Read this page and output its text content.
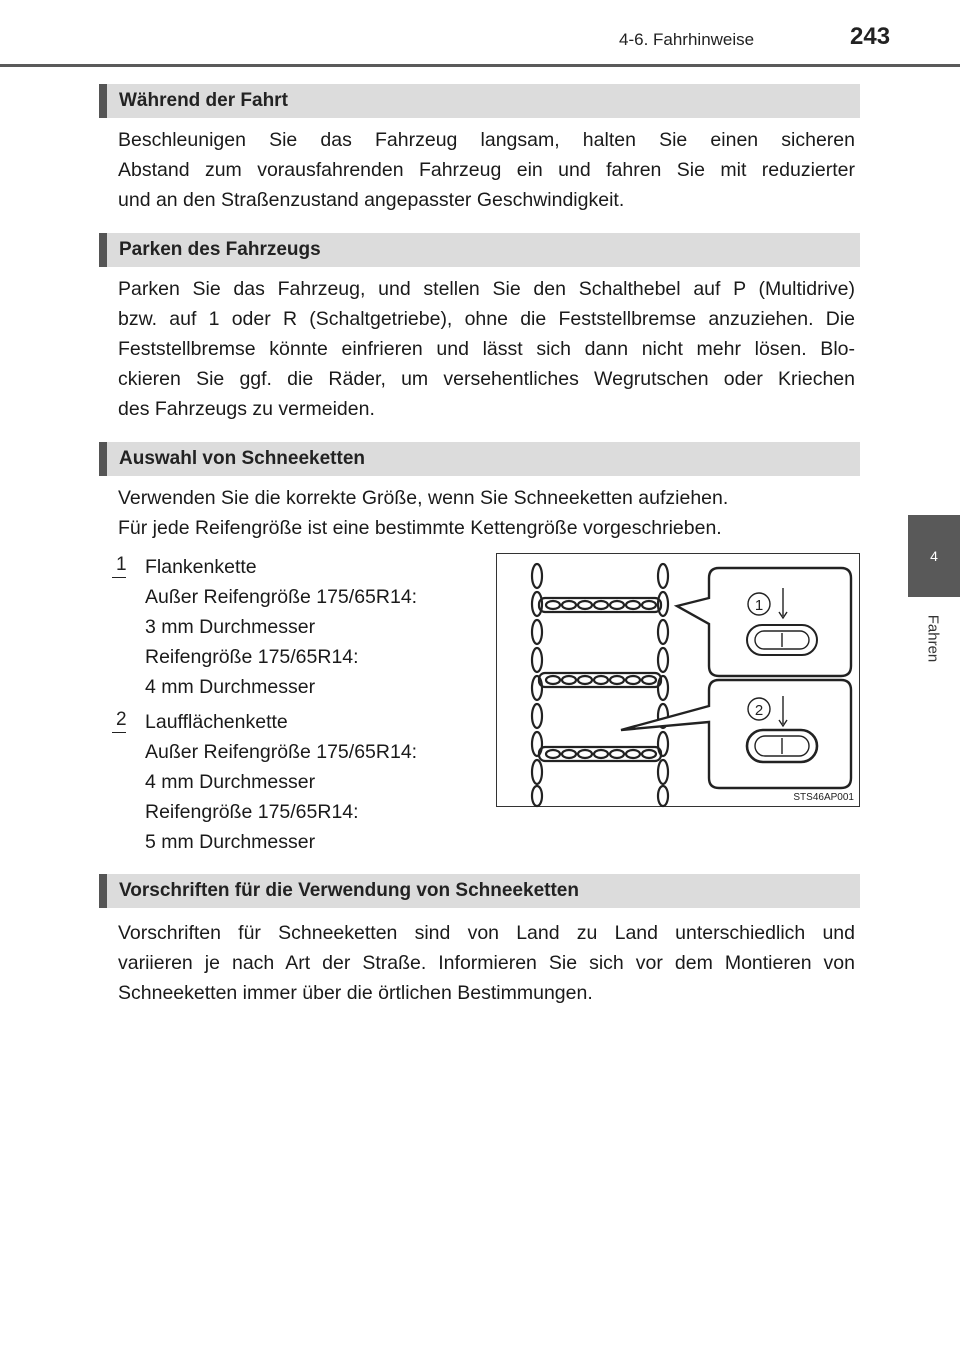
4-6. Fahrhinweise	243
4
Fahren
Während der Fahrt
Beschleunigen Sie das Fahrzeug langsam, halten Sie einen sicheren
Abstand zum vorausfahrenden Fahrzeug ein und fahren Sie mit reduzierter
und an den Straßenzustand angepasster Geschwindigkeit.
Parken des Fahrzeugs
Parken Sie das Fahrzeug, und stellen Sie den Schalthebel auf P (Multidrive)
bzw. auf 1 oder R (Schaltgetriebe), ohne die Feststellbremse anzuziehen. Die
Feststellbremse könnte einfrieren und lässt sich dann nicht mehr lösen. Blo-
ckieren Sie ggf. die Räder, um versehentliches Wegrutschen oder Kriechen
des Fahrzeugs zu vermeiden.
Auswahl von Schneeketten
Verwenden Sie die korrekte Größe, wenn Sie Schneeketten aufziehen.
Für jede Reifengröße ist eine bestimmte Kettengröße vorgeschrieben.
1 Flankenkette
Außer Reifengröße 175/65R14:
3 mm Durchmesser
Reifengröße 175/65R14:
4 mm Durchmesser
2 Laufflächenkette
Außer Reifengröße 175/65R14:
4 mm Durchmesser
Reifengröße 175/65R14:
5 mm Durchmesser
1
2
STS46AP001
Vorschriften für die Verwendung von Schneeketten
Vorschriften für Schneeketten sind von Land zu Land unterschiedlich und
variieren je nach Art der Straße. Informieren Sie sich vor dem Montieren von
Schneeketten immer über die örtlichen Bestimmungen.
